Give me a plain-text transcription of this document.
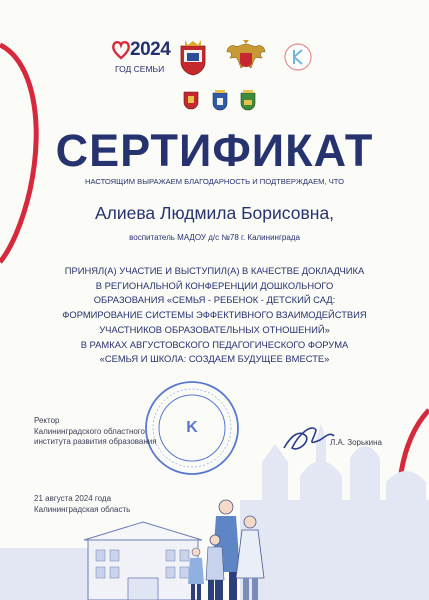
K
2024
ГОД СЕМЬИ
СЕРТИФИКАТ
НАСТОЯЩИМ ВЫРАЖАЕМ БЛАГОДАРНОСТЬ И ПОДТВЕРЖДАЕМ, ЧТО
Алиева Людмила Борисовна,
воспитатель МАДОУ д/с №78 г. Калининграда
ПРИНЯЛ(А) УЧАСТИЕ И ВЫСТУПИЛ(А) В КАЧЕСТВЕ ДОКЛАДЧИКА
В РЕГИОНАЛЬНОЙ КОНФЕРЕНЦИИ ДОШКОЛЬНОГО
ОБРАЗОВАНИЯ «СЕМЬЯ - РЕБЕНОК - ДЕТСКИЙ САД:
ФОРМИРОВАНИЕ СИСТЕМЫ ЭФФЕКТИВНОГО ВЗАИМОДЕЙСТВИЯ
УЧАСТНИКОВ ОБРАЗОВАТЕЛЬНЫХ ОТНОШЕНИЙ»
В РАМКАХ АВГУСТОВСКОГО ПЕДАГОГИЧЕСКОГО ФОРУМА
«СЕМЬЯ И ШКОЛА: СОЗДАЕМ БУДУЩЕЕ ВМЕСТЕ»
Ректор
Калининградского областного
института развития образования	Л.А. Зорькина
21 августа 2024 года
Калининградская область
